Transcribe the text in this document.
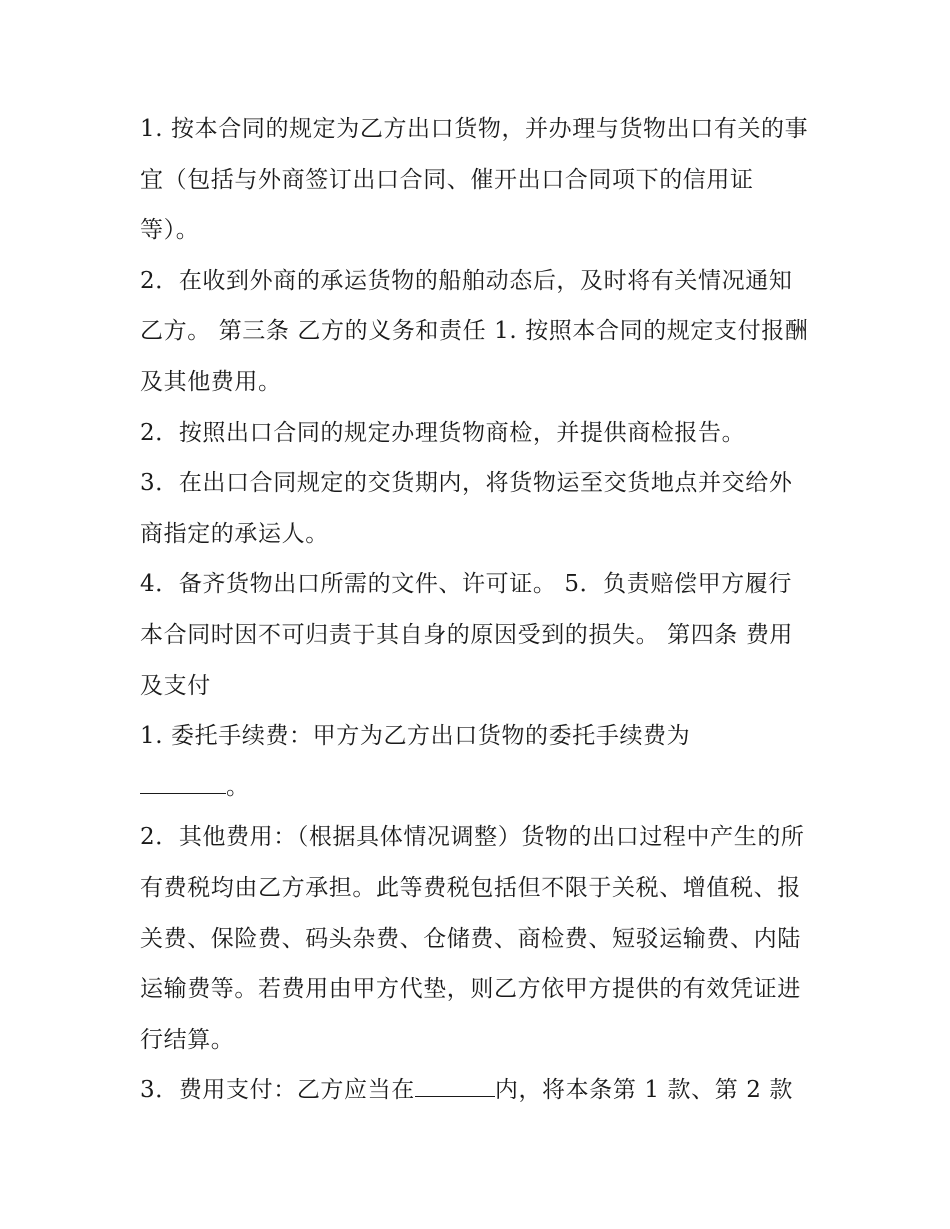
1. 按本合同的规定为乙方出口货物，并办理与货物出口有关的事宜（包括与外商签订出口合同、催开出口合同项下的信用证等）。

2．在收到外商的承运货物的船舶动态后，及时将有关情况通知乙方。 第三条 乙方的义务和责任 1. 按照本合同的规定支付报酬及其他费用。

2．按照出口合同的规定办理货物商检，并提供商检报告。

3．在出口合同规定的交货期内，将货物运至交货地点并交给外商指定的承运人。

4．备齐货物出口所需的文件、许可证。 5．负责赔偿甲方履行本合同时因不可归责于其自身的原因受到的损失。 第四条 费用及支付

1. 委托手续费：甲方为乙方出口货物的委托手续费为
。

2．其他费用：（根据具体情况调整）货物的出口过程中产生的所有费税均由乙方承担。此等费税包括但不限于关税、增值税、报关费、保险费、码头杂费、仓储费、商检费、短驳运输费、内陆运输费等。若费用由甲方代垫，则乙方依甲方提供的有效凭证进行结算。

3．费用支付：乙方应当在	内，将本条第 1 款、第 2 款
